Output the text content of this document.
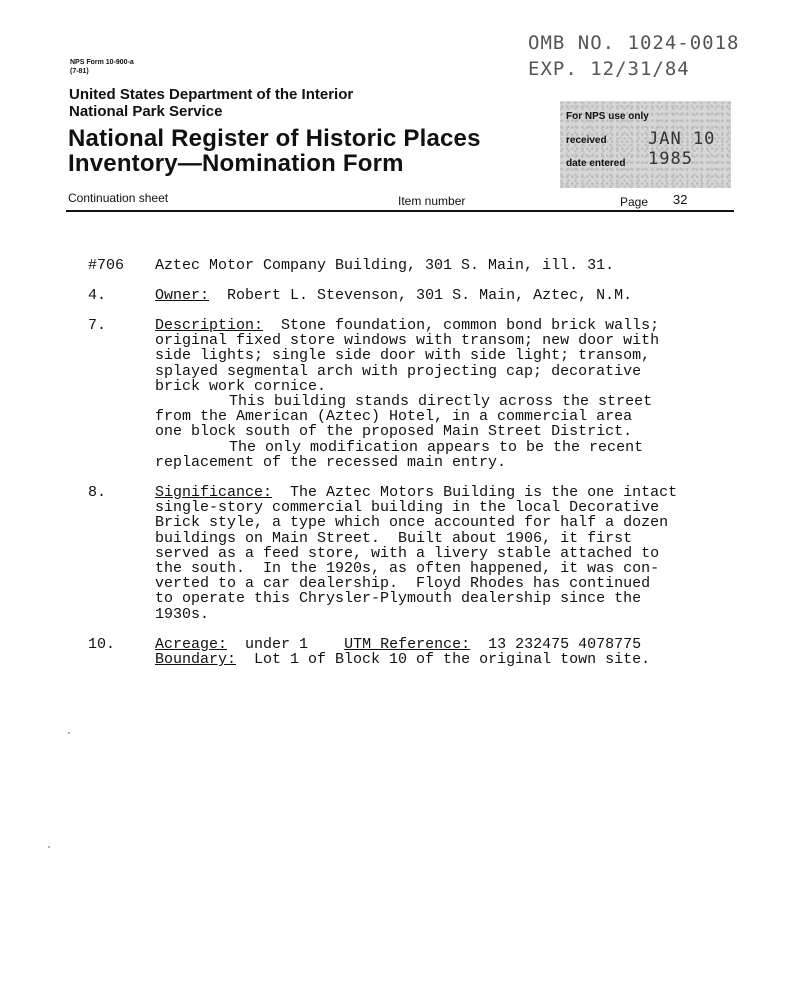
OMB NO. 1024-0018
EXP. 12/31/84
NPS Form 10-900-a
(7-81)
United States Department of the Interior
National Park Service
National Register of Historic Places
Inventory—Nomination Form
For NPS use only
received JAN 10 1985
date entered
Continuation sheet	Item number	Page 32
#706 Aztec Motor Company Building, 301 S. Main, ill. 31.
4.	Owner: Robert L. Stevenson, 301 S. Main, Aztec, N.M.
7.	Description: Stone foundation, common bond brick walls;
original fixed store windows with transom; new door with
side lights; single side door with side light; transom,
splayed segmental arch with projecting cap; decorative
brick work cornice.
This building stands directly across the street
from the American (Aztec) Hotel, in a commercial area
one block south of the proposed Main Street District.
The only modification appears to be the recent
replacement of the recessed main entry.
8.	Significance: The Aztec Motors Building is the one intact
single-story commercial building in the local Decorative
Brick style, a type which once accounted for half a dozen
buildings on Main Street.  Built about 1906, it first
served as a feed store, with a livery stable attached to
the south.  In the 1920s, as often happened, it was con-
verted to a car dealership.  Floyd Rhodes has continued
to operate this Chrysler-Plymouth dealership since the
1930s.
10.	Acreage: under 1 UTM Reference: 13 232475 4078775
Boundary: Lot 1 of Block 10 of the original town site.
